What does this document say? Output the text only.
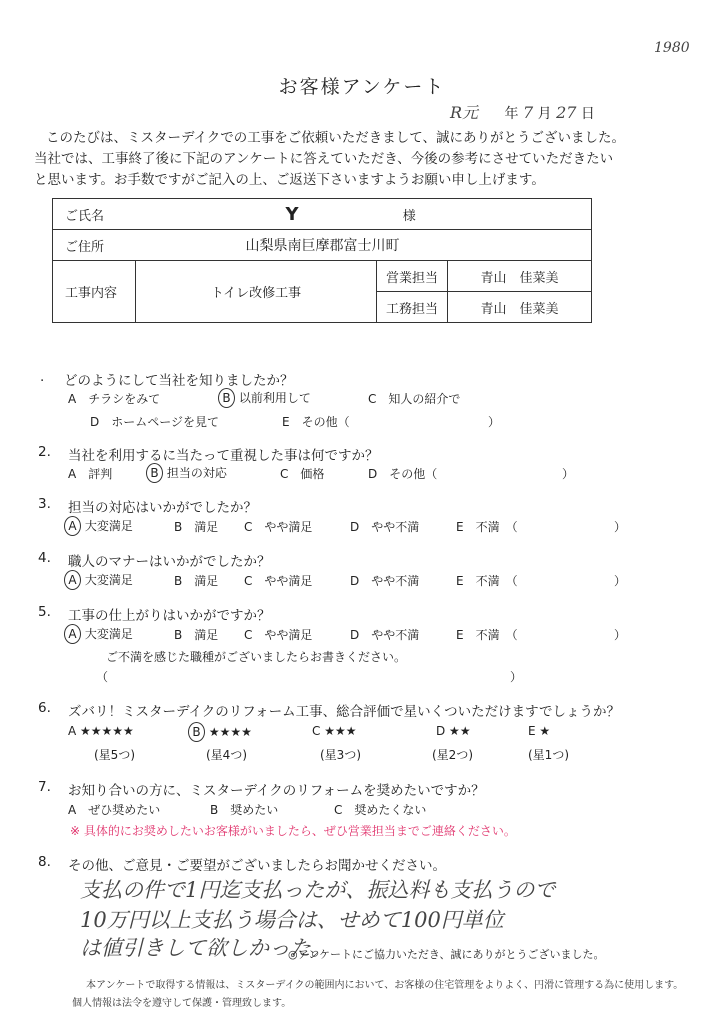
1980
お客様アンケート
R元 年 7 月 27 日
このたびは、ミスターデイクでの工事をご依頼いただきまして、誠にありがとうございました。
当社では、工事終了後に下記のアンケートに答えていただき、今後の参考にさせていただきたい
と思います。お手数ですがご記入の上、ご返送下さいますようお願い申し上げます。
ご氏名	Y 様		
ご住所	山梨県南巨摩郡富士川町		
工事内容	トイレ改修工事	営業担当	青山　佳菜美
		工務担当	青山　佳菜美
. どのようにして当社を知りましたか？
A　チラシをみて	B 以前利用して	C　知人の紹介で
D　ホームページを見て	E　その他（	）
2. 当社を利用するに当たって重視した事は何ですか？
A　評判	B 担当の対応	C　価格	D　その他（	）
3. 担当の対応はいかがでしたか？
A 大変満足	B　満足 C　やや満足	D　やや不満	E　不満　（	）
4. 職人のマナーはいかがでしたか？
A 大変満足	B　満足 C　やや満足	D　やや不満	E　不満　（	）
5. 工事の仕上がりはいかがですか？
A 大変満足	B　満足 C　やや満足	D　やや不満	E　不満　（	）
ご不満を感じた職種がございましたらお書きください。
（	）
6. ズバリ！ミスターデイクのリフォーム工事、総合評価で星いくついただけますでしょうか？
A ★★★★★	B ★★★★	C ★★★	D ★★	E ★
(星5つ)	(星4つ)	(星3つ)	(星2つ)	(星1つ)
7. お知り合いの方に、ミスターデイクのリフォームを奨めたいですか？
A　ぜひ奨めたい	B　奨めたい	C　奨めたくない
※ 具体的にお奨めしたいお客様がいましたら、ぜひ営業担当までご連絡ください。
8. その他、ご意見・ご要望がございましたらお聞かせください。
支払の件で1円迄支払ったが、振込料も支払うので
10万円以上支払う場合は、せめて100円単位
は値引きして欲しかった。
◎アンケートにご協力いただき、誠にありがとうございました。
本アンケートで取得する情報は、ミスターデイクの範囲内において、お客様の住宅管理をよりよく、円滑に管理する為に使用します。
個人情報は法令を遵守して保護・管理致します。
